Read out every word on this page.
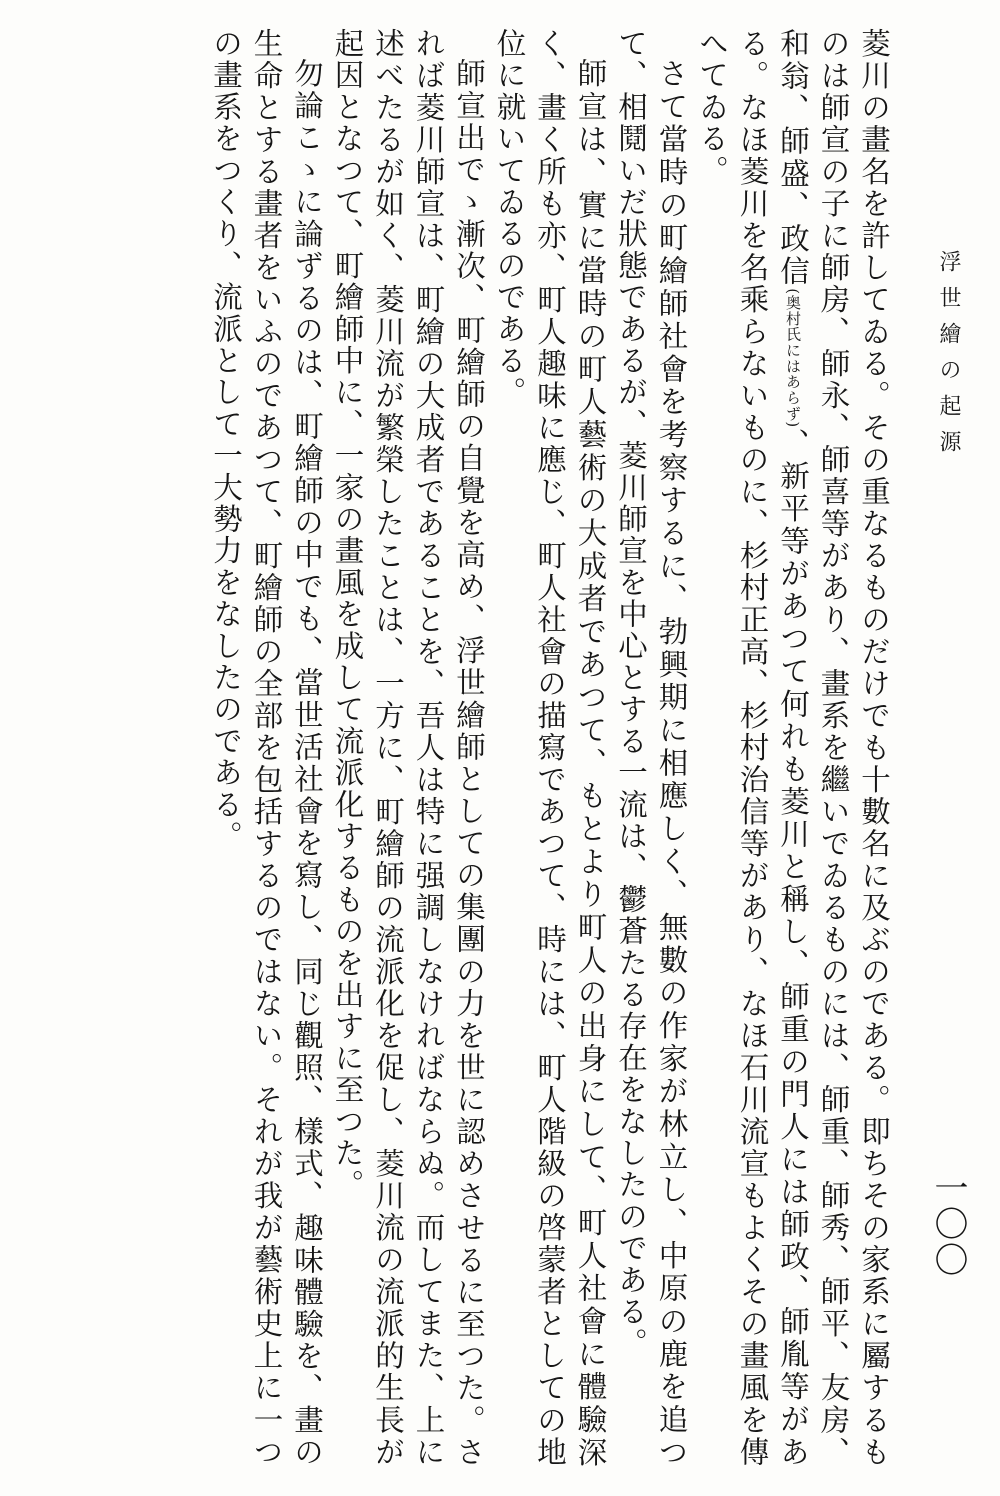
浮世繪の起源
一〇〇

菱川の畫名を許してゐる。その重なるものだけでも十數名に及ぶのである。即ちその家系に屬するものは師宣の子に師房、師永、師喜等があり、畫系を繼いでゐるものには、師重、師秀、師平、友房、和翁、師盛、政信(奥村氏にはあらず)、新平等があつて何れも菱川と稱し、師重の門人には師政、師胤等がある。なほ菱川を名乘らないものに、杉村正高、杉村治信等があり、なほ石川流宣もよくその畫風を傳へてゐる。

さて當時の町繪師社會を考察するに、勃興期に相應しく、無數の作家が林立し、中原の鹿を追つて、相鬩いだ狀態であるが、菱川師宣を中心とする一流は、鬱蒼たる存在をなしたのである。

師宣は、實に當時の町人藝術の大成者であつて、もとより町人の出身にして、町人社會に體驗深く、畫く所も亦、町人趣味に應じ、町人社會の描寫であつて、時には、町人階級の啓蒙者としての地位に就いてゐるのである。

師宣出でゝ漸次、町繪師の自覺を高め、浮世繪師としての集團の力を世に認めさせるに至つた。されば菱川師宣は、町繪の大成者であることを、吾人は特に强調しなければならぬ。而してまた、上に述べたるが如く、菱川流が繁榮したことは、一方に、町繪師の流派化を促し、菱川流の流派的生長が起因となつて、町繪師中に、一家の畫風を成して流派化するものを出すに至つた。

勿論こゝに論ずるのは、町繪師の中でも、當世活社會を寫し、同じ觀照、樣式、趣味體驗を、畫の生命とする畫者をいふのであつて、町繪師の全部を包括するのではない。それが我が藝術史上に一つの畫系をつくり、流派として一大勢力をなしたのである。
